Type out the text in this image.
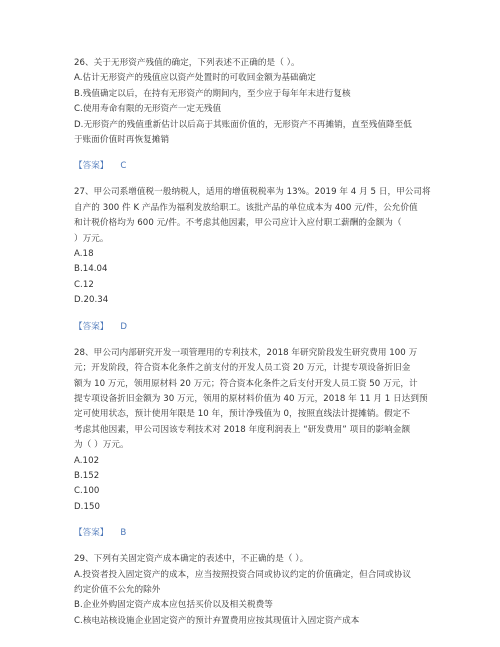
26、关于无形资产残值的确定，下列表述不正确的是（ ）。
A.估计无形资产的残值应以资产处置时的可收回金额为基础确定
B.残值确定以后，在持有无形资产的期间内，至少应于每年年末进行复核
C.使用寿命有限的无形资产一定无残值
D.无形资产的残值重新估计以后高于其账面价值的，无形资产不再摊销，直至残值降至低
于账面价值时再恢复摊销
【答案】 C
27、甲公司系增值税一般纳税人，适用的增值税税率为 13%。2019 年 4 月 5 日，甲公司将
自产的 300 件 K 产品作为福利发放给职工。该批产品的单位成本为 400 元/件，公允价值
和计税价格均为 600 元/件。不考虑其他因素，甲公司应计入应付职工薪酬的金额为（
）万元。
A.18
B.14.04
C.12
D.20.34
【答案】 D
28、甲公司内部研究开发一项管理用的专利技术，2018 年研究阶段发生研究费用 100 万
元；开发阶段，符合资本化条件之前支付的开发人员工资 20 万元，计提专项设备折旧金
额为 10 万元，领用原材料 20 万元；符合资本化条件之后支付开发人员工资 50 万元，计
提专项设备折旧金额为 30 万元，领用的原材料价值为 40 万元，2018 年 11 月 1 日达到预
定可使用状态，预计使用年限是 10 年，预计净残值为 0，按照直线法计提摊销。假定不
考虑其他因素，甲公司因该专利技术对 2018 年度利润表上 “研发费用” 项目的影响金额
为（ ）万元。
A.102
B.152
C.100
D.150
【答案】 B
29、下列有关固定资产成本确定的表述中，不正确的是（ ）。
A.投资者投入固定资产的成本，应当按照投资合同或协议约定的价值确定，但合同或协议
约定价值不公允的除外
B.企业外购固定资产成本应包括买价以及相关税费等
C.核电站核设施企业固定资产的预计弃置费用应按其现值计入固定资产成本
